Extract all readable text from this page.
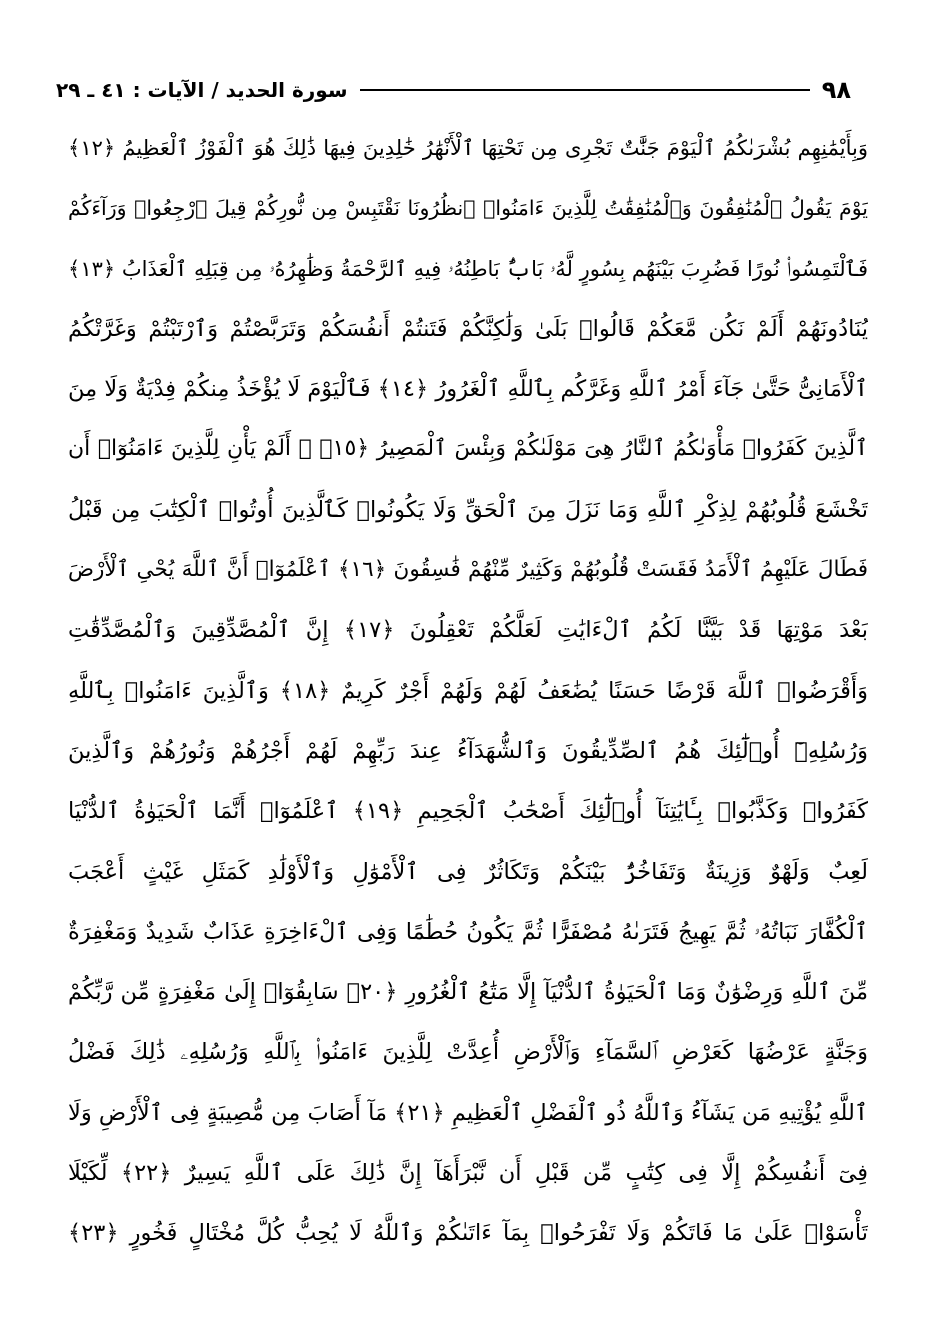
٩٨
سورة الحديد / الآيات : ٤١ ـ ٢٩
وَبِأَيْمَٰنِهِم بُشْرَىٰكُمُ ٱلْيَوْمَ جَنَّٰتٌ تَجْرِى مِن تَحْتِهَا ٱلْأَنْهَٰرُ خَٰلِدِينَ فِيهَا ذَٰلِكَ هُوَ ٱلْفَوْزُ ٱلْعَظِيمُ ﴿١٢﴾
يَوْمَ يَقُولُ ٱلْمُنَٰفِقُونَ وَٱلْمُنَٰفِقَٰتُ لِلَّذِينَ ءَامَنُوا۟ ٱنظُرُونَا نَقْتَبِسْ مِن نُّورِكُمْ قِيلَ ٱرْجِعُوا۟ وَرَآءَكُمْ
فَٱلْتَمِسُوا۟ نُورًا فَضُرِبَ بَيْنَهُم بِسُورٍ لَّهُۥ بَابٌۢ بَاطِنُهُۥ فِيهِ ٱلرَّحْمَةُ وَظَٰهِرُهُۥ مِن قِبَلِهِ ٱلْعَذَابُ ﴿١٣﴾
يُنَادُونَهُمْ أَلَمْ نَكُن مَّعَكُمْ قَالُوا۟ بَلَىٰ وَلَٰكِنَّكُمْ فَتَنتُمْ أَنفُسَكُمْ وَتَرَبَّصْتُمْ وَٱرْتَبْتُمْ وَغَرَّتْكُمُ
ٱلْأَمَانِىُّ حَتَّىٰ جَآءَ أَمْرُ ٱللَّهِ وَغَرَّكُم بِٱللَّهِ ٱلْغَرُورُ ﴿١٤﴾ فَٱلْيَوْمَ لَا يُؤْخَذُ مِنكُمْ فِدْيَةٌ وَلَا مِنَ
ٱلَّذِينَ كَفَرُوا۟ مَأْوَىٰكُمُ ٱلنَّارُ هِىَ مَوْلَىٰكُمْ وَبِئْسَ ٱلْمَصِيرُ ﴿١٥﴾ ۞ أَلَمْ يَأْنِ لِلَّذِينَ ءَامَنُوٓا۟ أَن
تَخْشَعَ قُلُوبُهُمْ لِذِكْرِ ٱللَّهِ وَمَا نَزَلَ مِنَ ٱلْحَقِّ وَلَا يَكُونُوا۟ كَٱلَّذِينَ أُوتُوا۟ ٱلْكِتَٰبَ مِن قَبْلُ
فَطَالَ عَلَيْهِمُ ٱلْأَمَدُ فَقَسَتْ قُلُوبُهُمْ وَكَثِيرٌ مِّنْهُمْ فَٰسِقُونَ ﴿١٦﴾ ٱعْلَمُوٓا۟ أَنَّ ٱللَّهَ يُحْىِ ٱلْأَرْضَ
بَعْدَ مَوْتِهَا قَدْ بَيَّنَّا لَكُمُ ٱلْءَايَٰتِ لَعَلَّكُمْ تَعْقِلُونَ ﴿١٧﴾ إِنَّ ٱلْمُصَّدِّقِينَ وَٱلْمُصَّدِّقَٰتِ
وَأَقْرَضُوا۟ ٱللَّهَ قَرْضًا حَسَنًا يُضَٰعَفُ لَهُمْ وَلَهُمْ أَجْرٌ كَرِيمٌ ﴿١٨﴾ وَٱلَّذِينَ ءَامَنُوا۟ بِٱللَّهِ
وَرُسُلِهِۦٓ أُو۟لَٰٓئِكَ هُمُ ٱلصِّدِّيقُونَ وَٱلشُّهَدَآءُ عِندَ رَبِّهِمْ لَهُمْ أَجْرُهُمْ وَنُورُهُمْ وَٱلَّذِينَ
كَفَرُوا۟ وَكَذَّبُوا۟ بِـَٔايَٰتِنَآ أُو۟لَٰٓئِكَ أَصْحَٰبُ ٱلْجَحِيمِ ﴿١٩﴾ ٱعْلَمُوٓا۟ أَنَّمَا ٱلْحَيَوٰةُ ٱلدُّنْيَا
لَعِبٌ وَلَهْوٌ وَزِينَةٌ وَتَفَاخُرٌۢ بَيْنَكُمْ وَتَكَاثُرٌ فِى ٱلْأَمْوَٰلِ وَٱلْأَوْلَٰدِ كَمَثَلِ غَيْثٍ أَعْجَبَ
ٱلْكُفَّارَ نَبَاتُهُۥ ثُمَّ يَهِيجُ فَتَرَىٰهُ مُصْفَرًّا ثُمَّ يَكُونُ حُطَٰمًا وَفِى ٱلْءَاخِرَةِ عَذَابٌ شَدِيدٌ وَمَغْفِرَةٌ
مِّنَ ٱللَّهِ وَرِضْوَٰنٌ وَمَا ٱلْحَيَوٰةُ ٱلدُّنْيَآ إِلَّا مَتَٰعُ ٱلْغُرُورِ ﴿٢٠﴾ سَابِقُوٓا۟ إِلَىٰ مَغْفِرَةٍ مِّن رَّبِّكُمْ
وَجَنَّةٍ عَرْضُهَا كَعَرْضِ ٱلسَّمَآءِ وَٱلْأَرْضِ أُعِدَّتْ لِلَّذِينَ ءَامَنُوا۟ بِٱللَّهِ وَرُسُلِهِۦ ذَٰلِكَ فَضْلُ
ٱللَّهِ يُؤْتِيهِ مَن يَشَآءُ وَٱللَّهُ ذُو ٱلْفَضْلِ ٱلْعَظِيمِ ﴿٢١﴾ مَآ أَصَابَ مِن مُّصِيبَةٍ فِى ٱلْأَرْضِ وَلَا
فِىٓ أَنفُسِكُمْ إِلَّا فِى كِتَٰبٍ مِّن قَبْلِ أَن نَّبْرَأَهَآ إِنَّ ذَٰلِكَ عَلَى ٱللَّهِ يَسِيرٌ ﴿٢٢﴾ لِّكَيْلَا
تَأْسَوْا۟ عَلَىٰ مَا فَاتَكُمْ وَلَا تَفْرَحُوا۟ بِمَآ ءَاتَىٰكُمْ وَٱللَّهُ لَا يُحِبُّ كُلَّ مُخْتَالٍ فَخُورٍ ﴿٢٣﴾
